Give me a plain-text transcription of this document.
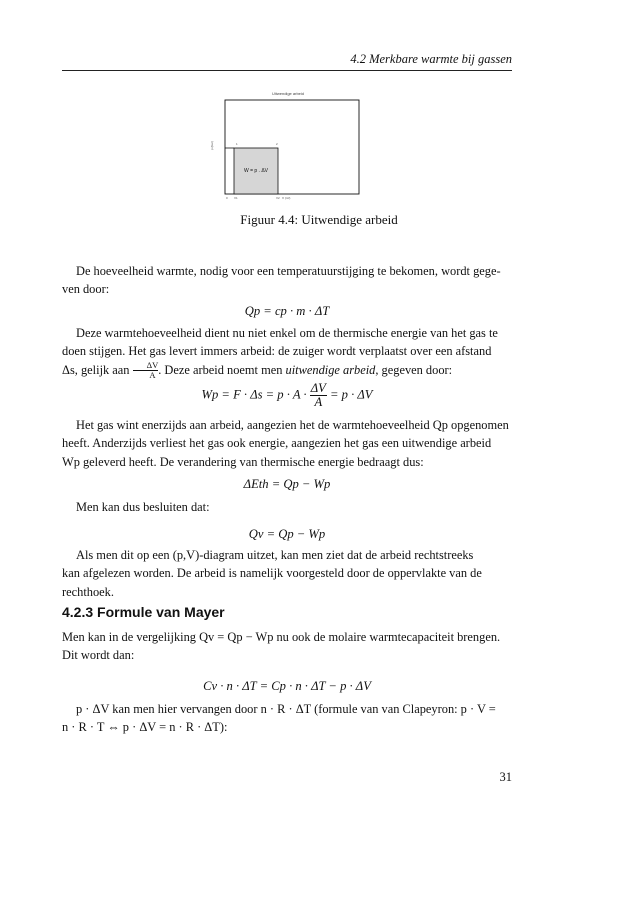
4.2 Merkbare warmte bij gassen
Uitwendige arbeid
p (bar)	1	2
W = p . ΔV
0 V1	V2 V (m³)
Figuur 4.4: Uitwendige arbeid
De hoeveelheid warmte, nodig voor een temperatuurstijging te bekomen, wordt gege-
ven door:
Qp = cp · m · ΔT
Deze warmtehoeveelheid dient nu niet enkel om de thermische energie van het gas te
doen stijgen. Het gas levert immers arbeid: de zuiger wordt verplaatst over een afstand
Δs, gelijk aan $\frac{\Delta V}{A}$ . Deze arbeid noemt men uitwendige arbeid, gegeven door:
$Wp = F \cdot \Delta s = p \cdot A \cdot \frac{\Delta V}{A} = p \cdot \Delta V$
Het gas wint enerzijds aan arbeid, aangezien het de warmtehoeveelheid Qp opgenomen
heeft. Anderzijds verliest het gas ook energie, aangezien het gas een uitwendige arbeid
Wp geleverd heeft. De verandering van thermische energie bedraagt dus:
ΔEth = Qp − Wp
Men kan dus besluiten dat:
Qv = Qp − Wp
Als men dit op een (p,V)-diagram uitzet, kan men ziet dat de arbeid rechtstreeks
kan afgelezen worden. De arbeid is namelijk voorgesteld door de oppervlakte van de
rechthoek.
4.2.3 Formule van Mayer
Men kan in de vergelijking Qv = Qp − Wp nu ook de molaire warmtecapaciteit brengen.
Dit wordt dan:
Cv · n · ΔT = Cp · n · ΔT − p · ΔV
p · ΔV kan men hier vervangen door n · R · ΔT (formule van van Clapeyron: p · V =
n · R · T ⇔ p · ΔV = n · R · ΔT):
31
